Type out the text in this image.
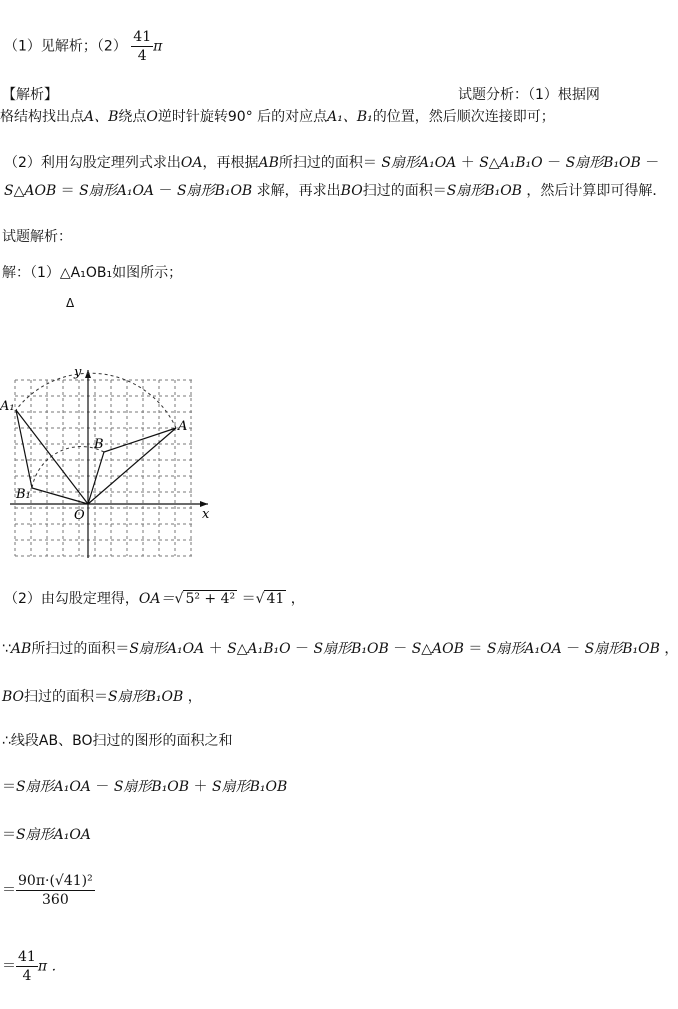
（1）见解析；$(2) \frac{41}{4}$ π
【解析】	试题分析：（1）根据网
格结构找出点A、B绕点O逆时针旋转90° 后的对应点A₁、B₁的位置，然后顺次连接即可；
（2）利用勾股定理列式求出OA，再根据AB所扫过的面积＝ S扇形A₁OA ＋ S△A₁B₁O － S扇形B₁OB －
S△AOB ＝ S扇形A₁OA － S扇形B₁OB 求解，再求出BO扫过的面积＝S扇形B₁OB ，然后计算即可得解．
试题解析：
解：（1）△A₁OB₁如图所示；
Δ
y
x
O
A
B
A₁
B₁
（2）由勾股定理得，OA＝√ 5² + 4² ＝√ 41 ，
∵AB所扫过的面积＝S扇形A₁OA ＋ S△A₁B₁O － S扇形B₁OB － S△AOB ＝ S扇形A₁OA － S扇形B₁OB ，
BO扫过的面积＝S扇形B₁OB ，
∴线段AB、BO扫过的图形的面积之和
＝S扇形A₁OA － S扇形B₁OB ＋ S扇形B₁OB
＝S扇形A₁OA
＝ $\frac{\text{90π·(√41)²}}{360}$
＝ $\frac{41}{4}$ π ．
